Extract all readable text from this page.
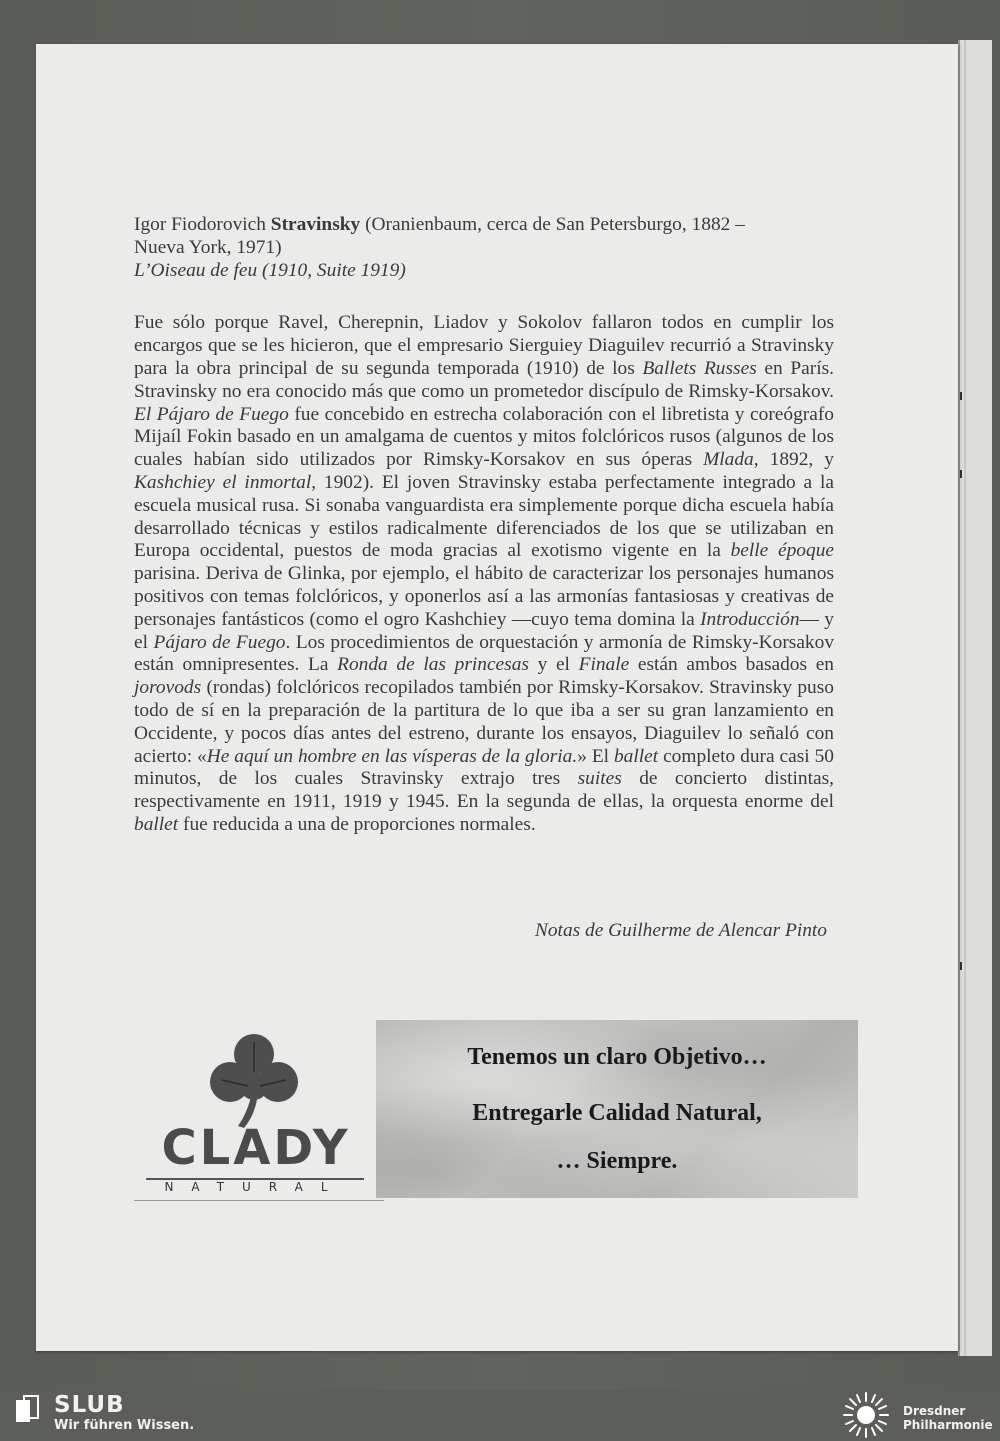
Igor Fiodorovich Stravinsky (Oranienbaum, cerca de San Petersburgo, 1882 –

Nueva York, 1971)

L’Oiseau de feu (1910, Suite 1919)

Fue sólo porque Ravel, Cherepnin, Liadov y Sokolov fallaron todos en cumplir los encargos que se les hicieron, que el empresario Sierguiey Diaguilev recurrió a Stravinsky para la obra principal de su segunda temporada (1910) de los Ballets Russes en París. Stravinsky no era conocido más que como un prometedor discípulo de Rimsky-Korsakov. El Pájaro de Fuego fue concebido en estrecha colaboración con el libretista y coreógrafo Mijaíl Fokin basado en un amalgama de cuentos y mitos folclóricos rusos (algunos de los cuales habían sido utilizados por Rimsky-Korsakov en sus óperas Mlada, 1892, y Kashchiey el inmortal, 1902). El joven Stravinsky estaba perfectamente integrado a la escuela musical rusa. Si sonaba vanguardista era simplemente porque dicha escuela había desarrollado técnicas y estilos radicalmente diferenciados de los que se utilizaban en Europa occidental, puestos de moda gracias al exotismo vigente en la belle époque parisina. Deriva de Glinka, por ejemplo, el hábito de caracterizar los personajes humanos positivos con temas folclóricos, y oponerlos así a las armonías fantasiosas y creativas de personajes fantásticos (como el ogro Kashchiey —cuyo tema domina la Introducción— y el Pájaro de Fuego. Los procedimientos de orquestación y armonía de Rimsky-Korsakov están omnipresentes. La Ronda de las princesas y el Finale están ambos basados en jorovods (rondas) folclóricos recopilados también por Rimsky-Korsakov. Stravinsky puso todo de sí en la preparación de la partitura de lo que iba a ser su gran lanzamiento en Occidente, y pocos días antes del estreno, durante los ensayos, Diaguilev lo señaló con acierto: «He aquí un hombre en las vísperas de la gloria.» El ballet completo dura casi 50 minutos, de los cuales Stravinsky extrajo tres suites de concierto distintas, respectivamente en 1911, 1919 y 1945. En la segunda de ellas, la orquesta enorme del ballet fue reducida a una de proporciones normales.

Notas de Guilherme de Alencar Pinto
CLADY
NATURAL
Tenemos un claro Objetivo…
Entregarle Calidad Natural,
… Siempre.
SLUB
Wir führen Wissen.
Dresdner
Philharmonie
